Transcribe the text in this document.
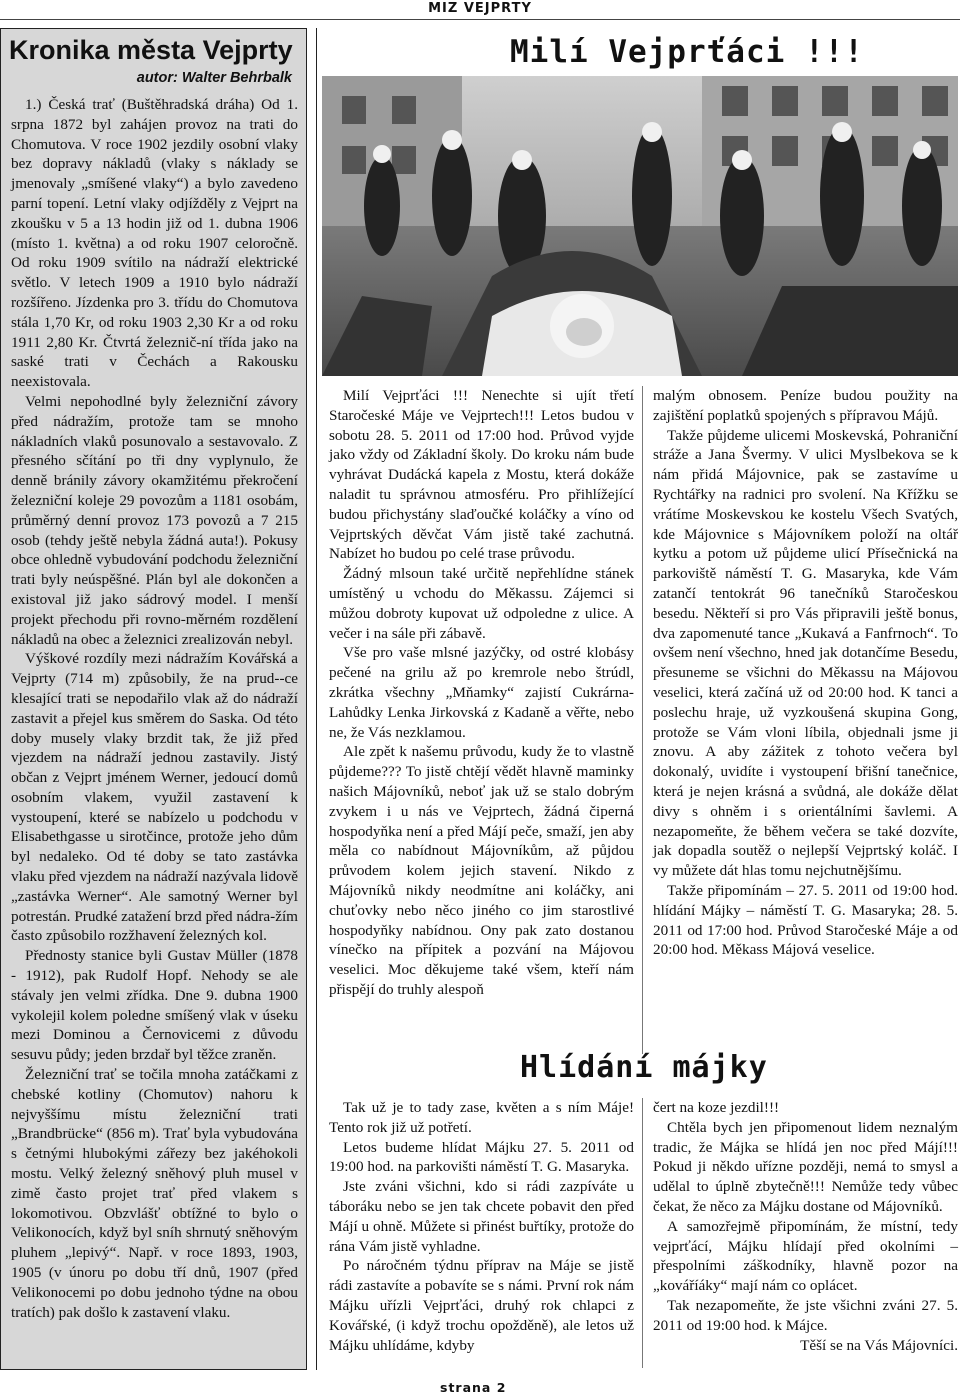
MIZ VEJPRTY
Kronika města Vejprty
autor: Walter Behrbalk

1.) Česká trať (Buštěhradská dráha) Od 1. srpna 1872 byl zahájen provoz na trati do Chomutova. V roce 1902 jezdily osobní vlaky bez dopravy nákladů (vlaky s náklady se jmenovaly „smíšené vlaky“) a bylo zavedeno parní topení. Letní vlaky odjížděly z Vejprt na zkoušku v 5 a 13 hodin již od 1. dubna 1906 (místo 1. května) a od roku 1907 celoročně. Od roku 1909 svítilo na nádraží elektrické světlo. V letech 1909 a 1910 bylo nádraží rozšířeno. Jízdenka pro 3. třídu do Chomutova stála 1,70 Kr, od roku 1903 2,30 Kr a od roku 1911 2,80 Kr. Čtvrtá železnič-ní třída jako na saské trati v Čechách a Rakousku neexistovala.

Velmi nepohodlné byly železniční závory před nádražím, protože tam se mnoho nákladních vlaků posunovalo a sestavovalo. Z přesného sčítání po tři dny vyplynulo, že denně bránily závory okamžitému překročení železniční koleje 29 povozům a 1181 osobám, průměrný denní provoz 173 povozů a 7 215 osob (tehdy ještě nebyla žádná auta!). Pokusy obce ohledně vybudování podchodu železniční trati byly neúspěšné. Plán byl ale dokončen a existoval již jako sádrový model. I menší projekt přechodu při rovno-měrném rozdělení nákladů na obec a železnici zrealizován nebyl.

Výškové rozdíly mezi nádražím Kovářská a Vejprty (714 m) způsobily, že na prud--ce klesající trati se nepodařilo vlak až do nádraží zastavit a přejel kus směrem do Saska. Od této doby musely vlaky brzdit tak, že již před vjezdem na nádraží jednou zastavily. Jistý občan z Vejprt jménem Werner, jedoucí domů osobním vlakem, využil zastavení k vystoupení, které se nabízelo u podchodu v Elisabethgasse u sirotčince, protože jeho dům byl nedaleko. Od té doby se tato zastávka vlaku před vjezdem na nádraží nazývala lidově „zastávka Werner“. Ale samotný Werner byl potrestán. Prudké zatažení brzd před nádra-žím často způsobilo rozžhavení železných kol.

Přednosty stanice byli Gustav Müller (1878 - 1912), pak Rudolf Hopf. Nehody se ale stávaly jen velmi zřídka. Dne 9. dubna 1900 vykolejil kolem poledne smíšený vlak v úseku mezi Dominou a Černovicemi z důvodu sesuvu půdy; jeden brzdař byl těžce zraněn.

Železniční trať se točila mnoha zatáčkami z chebské kotliny (Chomutov) nahoru k nejvyššímu místu železniční trati „Brandbrücke“ (856 m). Trať byla vybudována s četnými hlubokými zářezy bez jakéhokoli mostu. Velký železný sněhový pluh musel v zimě často projet trať před vlakem s lokomotivou. Obzvlášť obtížné to bylo o Velikonocích, když byl sníh shrnutý sněhovým pluhem „lepivý“. Např. v roce 1893, 1903, 1905 (v únoru po dobu tří dnů, 1907 (před Velikonocemi po dobu jednoho týdne na obou tratích) pak došlo k zastavení vlaku.

Milí Vejprťáci !!!

Milí Vejprťáci !!! Nenechte si ujít třetí Staročeské Máje ve Vejprtech!!! Letos budou v sobotu 28. 5. 2011 od 17:00 hod. Průvod vyjde jako vždy od Základní školy. Do kroku nám bude vyhrávat Dudácká kapela z Mostu, která dokáže naladit tu správnou atmosféru. Pro přihlížející budou přichystány slaďoučké koláčky a víno od Vejprtských děvčat Vám jistě také zachutná. Nabízet ho budou po celé trase průvodu.

Žádný mlsoun také určitě nepřehlídne stánek umístěný u vchodu do Měkassu. Zájemci si můžou dobroty kupovat už odpoledne z ulice. A večer i na sále při zábavě.

Vše pro vaše mlsné jazýčky, od ostré klobásy pečené na grilu až po kremrole nebo štrúdl, zkrátka všechny „Mňamky“ zajistí Cukrárna- Lahůdky Lenka Jirkovská z Kadaně a věřte, nebo ne, že Vás nezklamou.

Ale zpět k našemu průvodu, kudy že to vlastně půjdeme??? To jistě chtějí vědět hlavně maminky našich Májovníků, neboť jak už se stalo dobrým zvykem i u nás ve Vejprtech, žádná čiperná hospodyňka není a před Májí peče, smaží, jen aby měla co nabídnout Májovníkům, až půjdou průvodem kolem jejich stavení. Nikdo z Májovníků nikdy neodmítne ani koláčky, ani chuťovky nebo něco jiného co jim starostlivé hospodyňky nabídnou. Ony pak zato dostanou vínečko na přípitek a pozvání na Májovou veselici. Moc děkujeme také všem, kteří nám přispějí do truhly alespoň

malým obnosem. Peníze budou použity na zajištění poplatků spojených s přípravou Májů.

Takže půjdeme ulicemi Moskevská, Pohraniční stráže a Jana Švermy. V ulici Myslbekova se k nám přidá Májovnice, pak se zastavíme u Rychtářky na radnici pro svolení. Na Křížku se vrátíme Moskevskou ke kostelu Všech Svatých, kde Májovnice s Májovníkem položí na oltář kytku a potom už půjdeme ulicí Přísečnická na parkoviště náměstí T. G. Masaryka, kde Vám zatančí tentokrát 96 tanečníků Staročeskou besedu. Někteří si pro Vás připravili ještě bonus, dva zapomenuté tance „Kukavá a Fanfrnoch“. To ovšem není všechno, hned jak dotančíme Besedu, přesuneme se všichni do Měkassu na Májovou veselici, která začíná už od 20:00 hod. K tanci a poslechu hraje, už vyzkoušená skupina Gong, protože se Vám vloni líbila, objednali jsme ji znovu. A aby zážitek z tohoto večera byl dokonalý, uvidíte i vystoupení břišní tanečnice, která je nejen krásná a svůdná, ale dokáže dělat divy s ohněm i s orientálními šavlemi. A nezapomeňte, že během večera se také dozvíte, jak dopadla soutěž o nejlepší Vejprtský koláč. I vy můžete dát hlas tomu nejchutnějšímu.

Takže připomínám – 27. 5. 2011 od 19:00 hod. hlídání Májky – náměstí T. G. Masaryka; 28. 5. 2011 od 17:00 hod. Průvod Staročeské Máje a od 20:00 hod. Měkass Májová veselice.

Hlídání májky

Tak už je to tady zase, květen a s ním Máje! Tento rok již už potřetí.

Letos budeme hlídat Májku 27. 5. 2011 od 19:00 hod. na parkovišti náměstí T. G. Masaryka.

Jste zváni všichni, kdo si rádi zazpíváte u táboráku nebo se jen tak chcete pobavit den před Májí u ohně. Můžete si přinést buřtíky, protože do rána Vám jistě vyhladne.

Po náročném týdnu příprav na Máje se jistě rádi zastavíte a pobavíte se s námi. První rok nám Májku uřízli Vejprťáci, druhý rok chlapci z Kovářské, (i když trochu opožděně), ale letos už Májku uhlídáme, kdyby

čert na koze jezdil!!!

Chtěla bych jen připomenout lidem neznalým tradic, že Májka se hlídá jen noc před Májí!!! Pokud ji někdo uřízne později, nemá to smysl a udělal to úplně zbytečně!!! Nemůže tedy vůbec čekat, že něco za Májku dostane od Májovníků.

A samozřejmě připomínám, že místní, tedy vejprťácí, Májku hlídají před okolními – přespolními záškodníky, hlavně pozor na „kováříáky“ mají nám co oplácet.

Tak nezapomeňte, že jste všichni zváni 27. 5. 2011 od 19:00 hod. k Májce.

Těší se na Vás Májovníci.

strana 2
